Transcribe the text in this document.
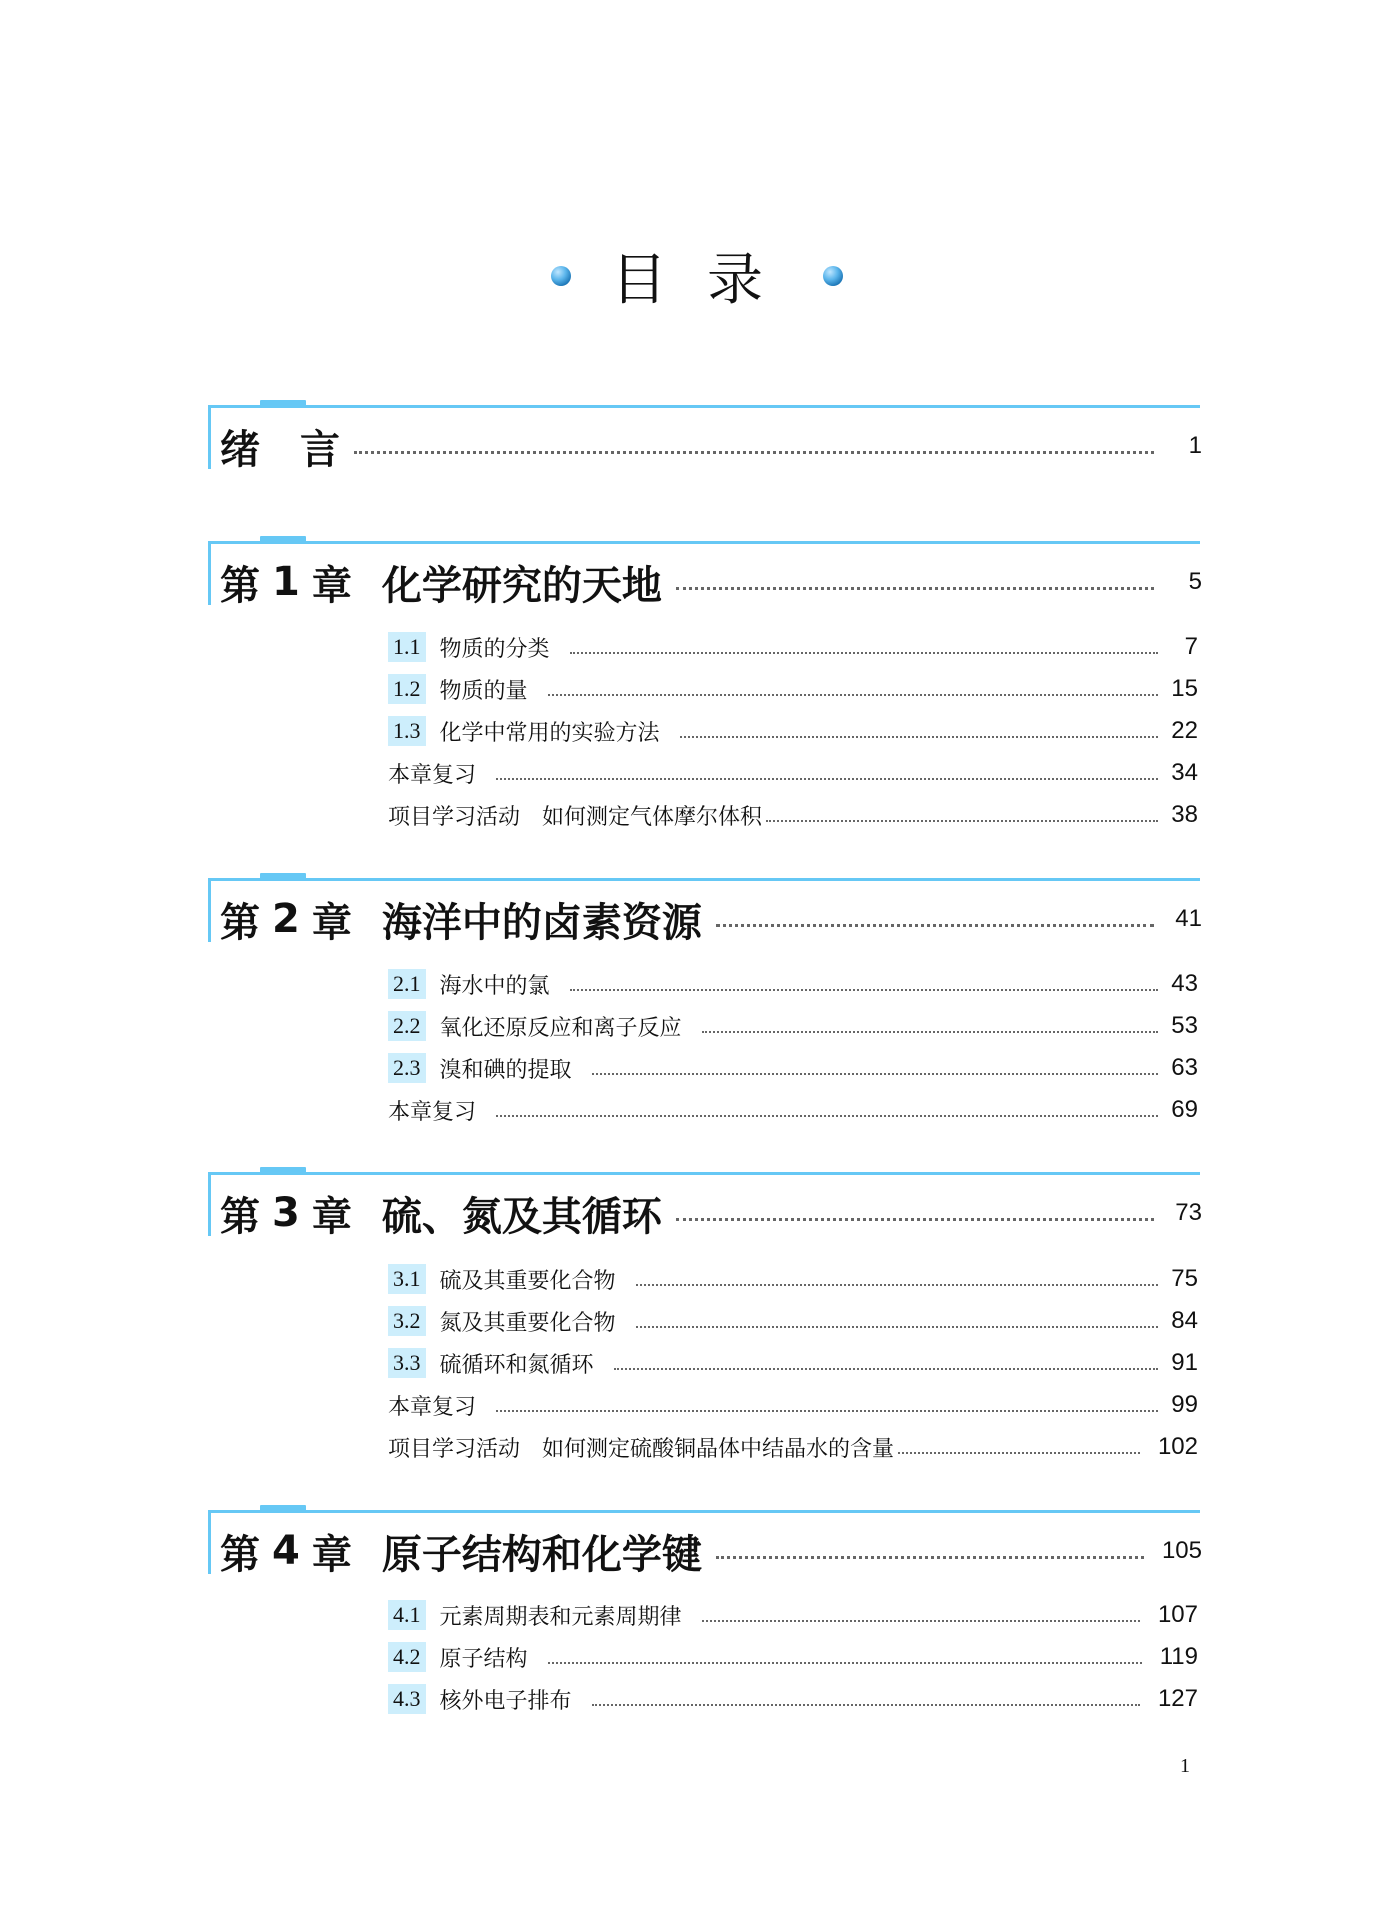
目录
绪　言	1
第 1 章 化学研究的天地	5
1.1 物质的分类	7
1.2 物质的量	15
1.3 化学中常用的实验方法	22
本章复习	34
项目学习活动　如何测定气体摩尔体积	38
第 2 章 海洋中的卤素资源	41
2.1 海水中的氯	43
2.2 氧化还原反应和离子反应	53
2.3 溴和碘的提取	63
本章复习	69
第 3 章 硫、氮及其循环	73
3.1 硫及其重要化合物	75
3.2 氮及其重要化合物	84
3.3 硫循环和氮循环	91
本章复习	99
项目学习活动　如何测定硫酸铜晶体中结晶水的含量	102
第 4 章 原子结构和化学键	105
4.1 元素周期表和元素周期律	107
4.2 原子结构	119
4.3 核外电子排布	127
1
